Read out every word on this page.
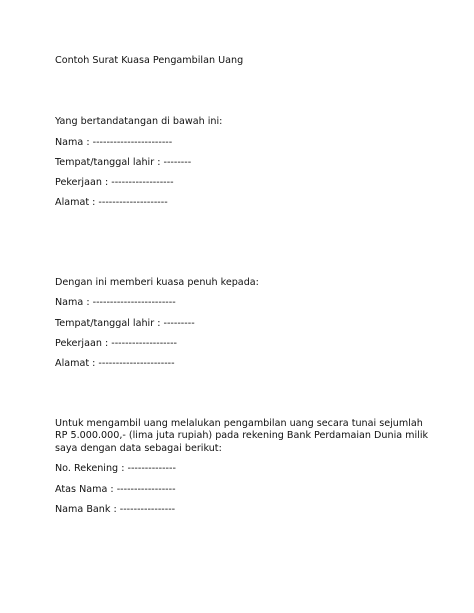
Contoh Surat Kuasa Pengambilan Uang
Yang bertandatangan di bawah ini:
Nama : -----------------------
Tempat/tanggal lahir : --------
Pekerjaan : ------------------
Alamat : --------------------
Dengan ini memberi kuasa penuh kepada:
Nama : ------------------------
Tempat/tanggal lahir : ---------
Pekerjaan : -------------------
Alamat : ----------------------
Untuk mengambil uang melalukan pengambilan uang secara tunai sejumlah
RP 5.000.000,- (lima juta rupiah) pada rekening Bank Perdamaian Dunia milik
saya dengan data sebagai berikut:
No. Rekening : --------------
Atas Nama : -----------------
Nama Bank : ----------------
